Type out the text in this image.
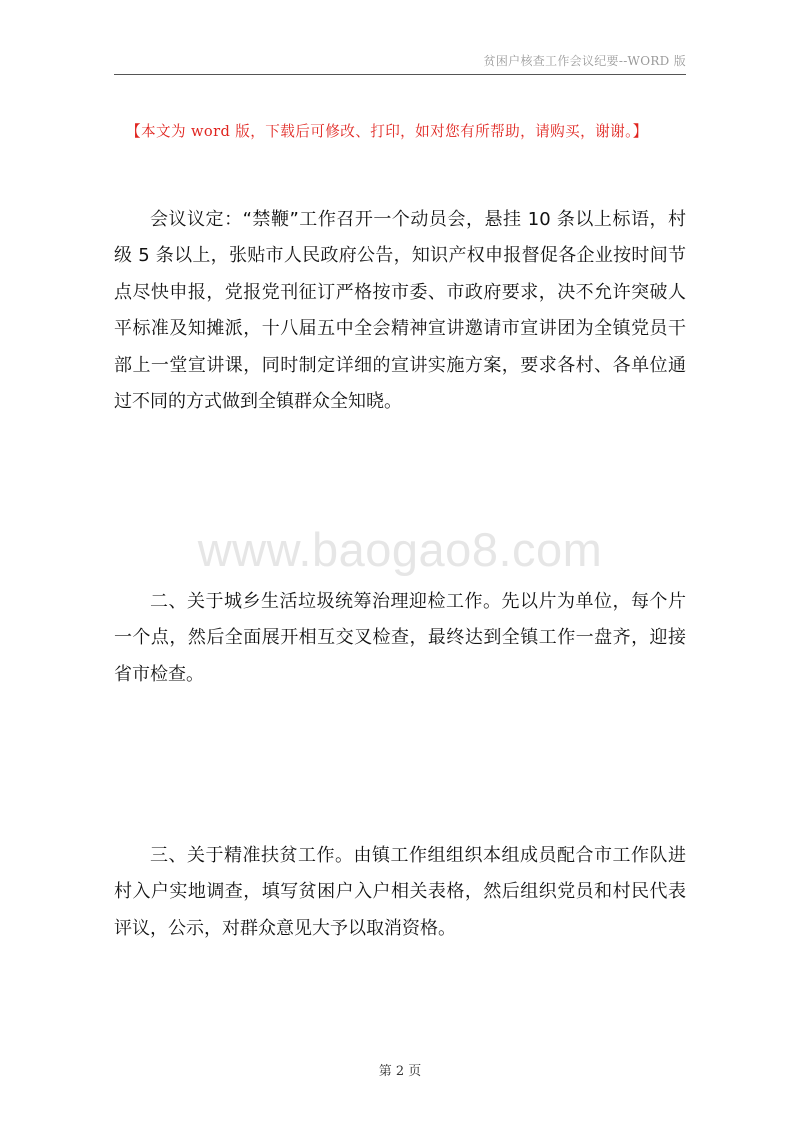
贫困户核查工作会议纪要--WORD 版
【本文为 word 版，下载后可修改、打印，如对您有所帮助，请购买，谢谢。】

会议议定：“禁鞭”工作召开一个动员会，悬挂 10 条以上标语，村级 5 条以上，张贴市人民政府公告，知识产权申报督促各企业按时间节点尽快申报，党报党刊征订严格按市委、市政府要求，决不允许突破人平标准及知摊派，十八届五中全会精神宣讲邀请市宣讲团为全镇党员干部上一堂宣讲课，同时制定详细的宣讲实施方案，要求各村、各单位通过不同的方式做到全镇群众全知晓。

www.baogao8.com

二、关于城乡生活垃圾统筹治理迎检工作。先以片为单位，每个片一个点，然后全面展开相互交叉检查，最终达到全镇工作一盘齐，迎接省市检查。

三、关于精准扶贫工作。由镇工作组组织本组成员配合市工作队进村入户实地调查，填写贫困户入户相关表格，然后组织党员和村民代表评议，公示，对群众意见大予以取消资格。

第 2 页
